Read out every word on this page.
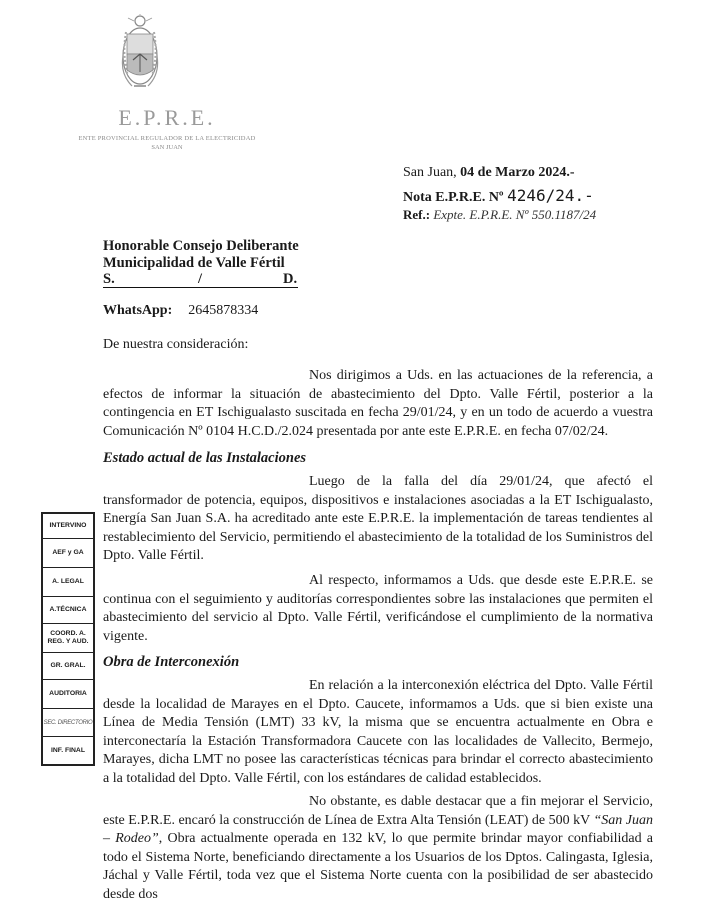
E.P.R.E.
ENTE PROVINCIAL REGULADOR DE LA ELECTRICIDAD
SAN JUAN
San Juan, 04 de Marzo 2024.-
Nota E.P.R.E. Nº 4246/24.-
Ref.: Expte. E.P.R.E. Nº 550.1187/24
Honorable Consejo Deliberante
Municipalidad de Valle Fértil
S.	/	D.
WhatsApp: 2645878334
De nuestra consideración:

Nos dirigimos a Uds. en las actuaciones de la referencia, a efectos de informar la situación de abastecimiento del Dpto. Valle Fértil, posterior a la contingencia en ET Ischigualasto suscitada en fecha 29/01/24, y en un todo de acuerdo a vuestra Comunicación Nº 0104 H.C.D./2.024 presentada por ante este E.P.R.E. en fecha 07/02/24.

Estado actual de las Instalaciones

Luego de la falla del día 29/01/24, que afectó el transformador de potencia, equipos, dispositivos e instalaciones asociadas a la ET Ischigualasto, Energía San Juan S.A. ha acreditado ante este E.P.R.E. la implementación de tareas tendientes al restablecimiento del Servicio, permitiendo el abastecimiento de la totalidad de los Suministros del Dpto. Valle Fértil.

Al respecto, informamos a Uds. que desde este E.P.R.E. se continua con el seguimiento y auditorías correspondientes sobre las instalaciones que permiten el abastecimiento del servicio al Dpto. Valle Fértil, verificándose el cumplimiento de la normativa vigente.

Obra de Interconexión

En relación a la interconexión eléctrica del Dpto. Valle Fértil desde la localidad de Marayes en el Dpto. Caucete, informamos a Uds. que si bien existe una Línea de Media Tensión (LMT) 33 kV, la misma que se encuentra actualmente en Obra e interconectaría la Estación Transformadora Caucete con las localidades de Vallecito, Bermejo, Marayes, dicha LMT no posee las características técnicas para brindar el correcto abastecimiento a la totalidad del Dpto. Valle Fértil, con los estándares de calidad establecidos.

No obstante, es dable destacar que a fin mejorar el Servicio, este E.P.R.E. encaró la construcción de Línea de Extra Alta Tensión (LEAT) de 500 kV “San Juan – Rodeo”, Obra actualmente operada en 132 kV, lo que permite brindar mayor confiabilidad a todo el Sistema Norte, beneficiando directamente a los Usuarios de los Dptos. Calingasta, Iglesia, Jáchal y Valle Fértil, toda vez que el Sistema Norte cuenta con la posibilidad de ser abastecido desde dos

INTERVINO
AEF y GA
A. LEGAL
A.TÉCNICA
COORD. A. REG. Y AUD.
GR. GRAL.
AUDITORIA
SEC. DIRECTORIO
INF. FINAL
